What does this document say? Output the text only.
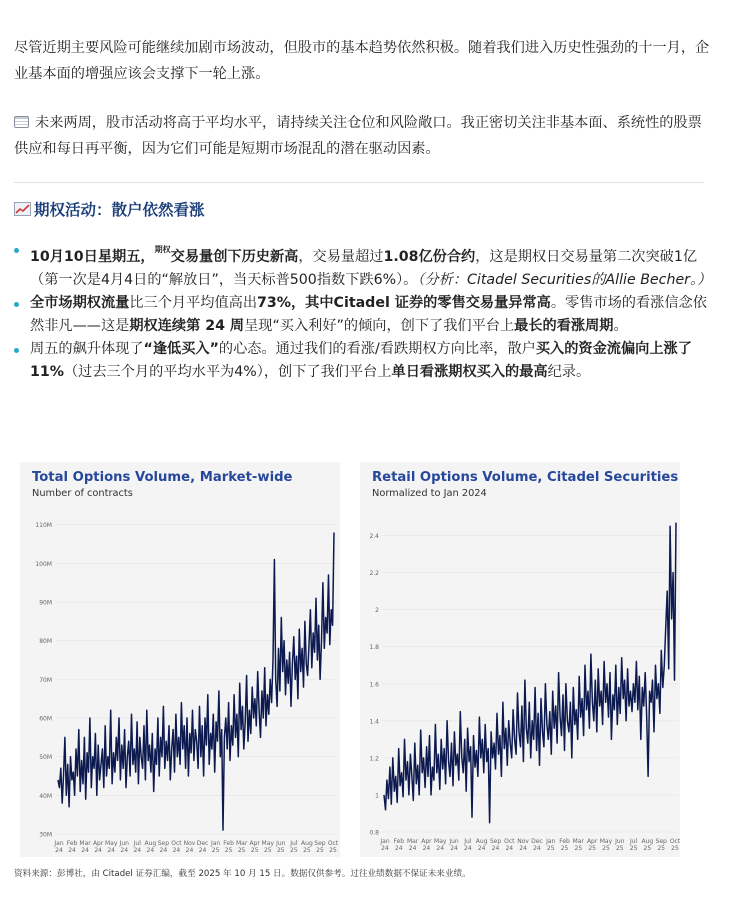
尽管近期主要风险可能继续加剧市场波动，但股市的基本趋势依然积极。随着我们进入历史性强劲的十一月，企业基本面的增强应该会支撑下一轮上涨。

未来两周，股市活动将高于平均水平，请持续关注仓位和风险敞口。我正密切关注非基本面、系统性的股票供应和每日再平衡，因为它们可能是短期市场混乱的潜在驱动因素。

期权活动：散户依然看涨
10月10日星期五，$^{期权}$交易量创下历史新高，交易量超过1.08亿份合约，这是期权日交易量第二次突破1亿（第一次是4月4日的“解放日”，当天标普500指数下跌6%）。（分析：Citadel Securities的Allie Becher。）
全市场期权流量比三个月平均值高出73%，其中Citadel 证券的零售交易量异常高。零售市场的看涨信念依然非凡——这是期权连续第 24 周呈现“买入利好”的倾向，创下了我们平台上最长的看涨周期。
周五的飙升体现了“逢低买入”的心态。通过我们的看涨/看跌期权方向比率，散户买入的资金流偏向上涨了11%（过去三个月的平均水平为4%），创下了我们平台上单日看涨期权买入的最高纪录。
30M
40M
50M
60M
70M
80M
90M
100M
110M
Jan
24
Feb
24
Mar
24
Apr
24
May
24
Jun
24
Jul
24
Aug
24
Sep
24
Oct
24
Nov
24
Dec
24
Jan
25
Feb
25
Mar
25
Apr
25
May
25
Jun
25
Jul
25
Aug
25
Sep
25
Oct
25

Total Options Volume, Market-wide

Number of contracts

0.8
1
1.2
1.4
1.6
1.8
2
2.2
2.4
Jan
24
Feb
24
Mar
24
Apr
24
May
24
Jun
24
Jul
24
Aug
24
Sep
24
Oct
24
Nov
24
Dec
24
Jan
25
Feb
25
Mar
25
Apr
25
May
25
Jun
25
Jul
25
Aug
25
Sep
25
Oct
25

Retail Options Volume, Citadel Securities

Normalized to Jan 2024

资料来源：彭博社，由 Citadel 证券汇编，截至 2025 年 10 月 15 日。数据仅供参考。过往业绩数据不保证未来业绩。
